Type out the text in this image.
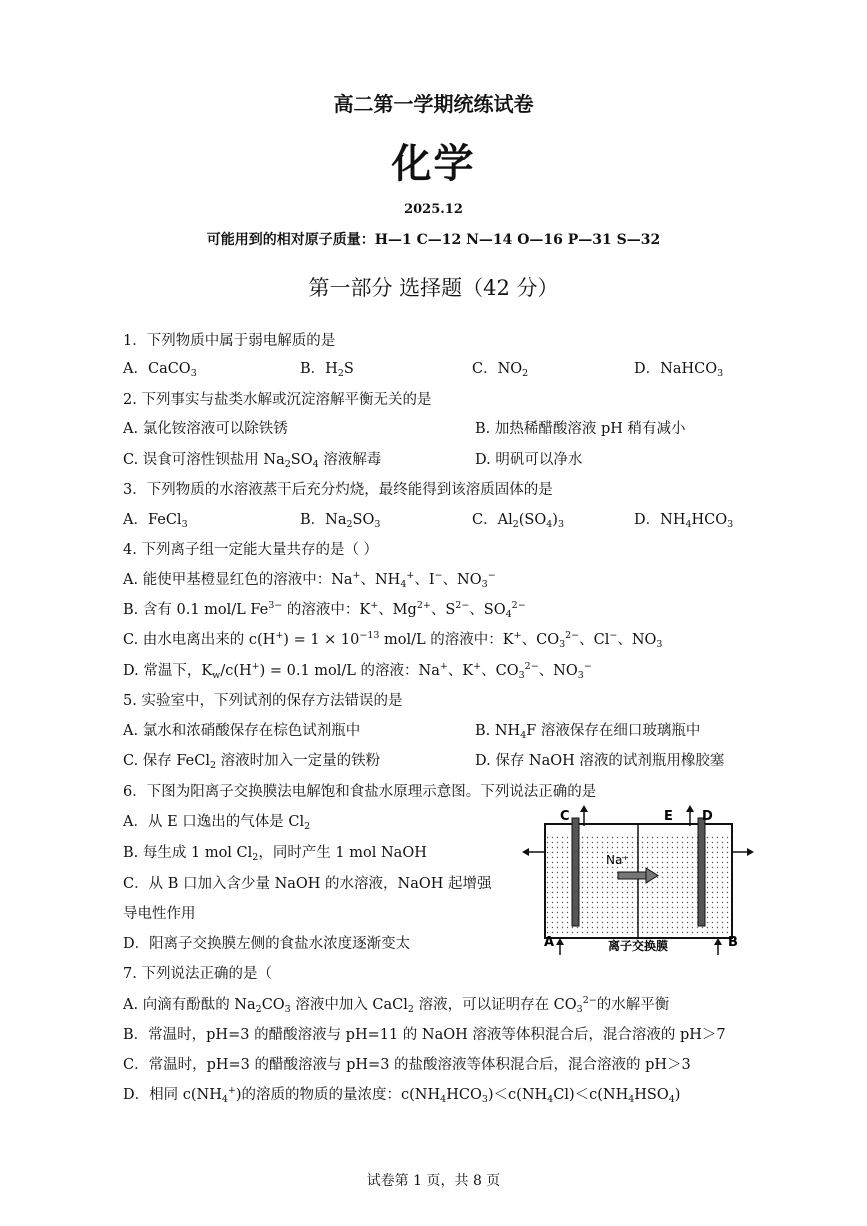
高二第一学期统练试卷
化学
2025.12
可能用到的相对原子质量：H—1 C—12 N—14 O—16 P—31 S—32
第一部分 选择题（42 分）
1．下列物质中属于弱电解质的是
A．CaCO$_3$	B．$H_2S$	C．$NO_2$	D．NaHCO$_3$
2. 下列事实与盐类水解或沉淀溶解平衡无关的是
A. 氯化铵溶液可以除铁锈	B. 加热稀醋酸溶液 pH 稍有减小
C. 误食可溶性钡盐用 $Na_2SO_4$ 溶液解毒	D. 明矾可以净水
3．下列物质的水溶液蒸干后充分灼烧，最终能得到该溶质固体的是
A．FeCl$_3$	B．$Na_2SO_3$	C．$Al_2(SO_4)_3$	D．$NH_4HCO_3$
4. 下列离子组一定能大量共存的是（ ）
A. 能使甲基橙显红色的溶液中：Na+、$NH_4^+$、I−、$NO_3^-$
B. 含有 0.1 mol/L $Fe^{3-}$ 的溶液中：K+、$Mg^{2+}$、$S^{2-}$、$SO_4^{2-}$
C. 由水电离出来的 $c(H^+) = 1 \times 10^{-13}$ mol/L 的溶液中：K+、$CO_3^{2-}$、Cl−、$NO_3$
D. 常温下，$K_w/c(H^+) = 0.1$ mol/L 的溶液：Na+、K+、$CO_3^{2-}$、$NO_3^-$
5. 实验室中，下列试剂的保存方法错误的是
A. 氯水和浓硝酸保存在棕色试剂瓶中	B. $NH_4F$ 溶液保存在细口玻璃瓶中
C. 保存 FeCl$_2$ 溶液时加入一定量的铁粉	D. 保存 NaOH 溶液的试剂瓶用橡胶塞
6．下图为阳离子交换膜法电解饱和食盐水原理示意图。下列说法正确的是
A．从 E 口逸出的气体是 $Cl_2$
B. 每生成 1 mol $Cl_2$，同时产生 1 mol NaOH
C．从 B 口加入含少量 NaOH 的水溶液，NaOH 起增强
导电性作用
D．阳离子交换膜左侧的食盐水浓度逐渐变太
C	E D
Na⁺
A	B
离子交换膜
7. 下列说法正确的是（
A. 向滴有酚酞的 $Na_2CO_3$ 溶液中加入 CaCl$_2$ 溶液，可以证明存在 $CO_3^{2-}$的水解平衡
B．常温时，pH=3 的醋酸溶液与 pH=11 的 NaOH 溶液等体积混合后，混合溶液的 pH＞7
C．常温时，pH=3 的醋酸溶液与 pH=3 的盐酸溶液等体积混合后，混合溶液的 pH＞3
D．相同 $c(NH_4^+)$的溶质的物质的量浓度：$c(NH_4HCO_3)<c(NH_4Cl)<c(NH_4HSO_4)$
试卷第 1 页，共 8 页
